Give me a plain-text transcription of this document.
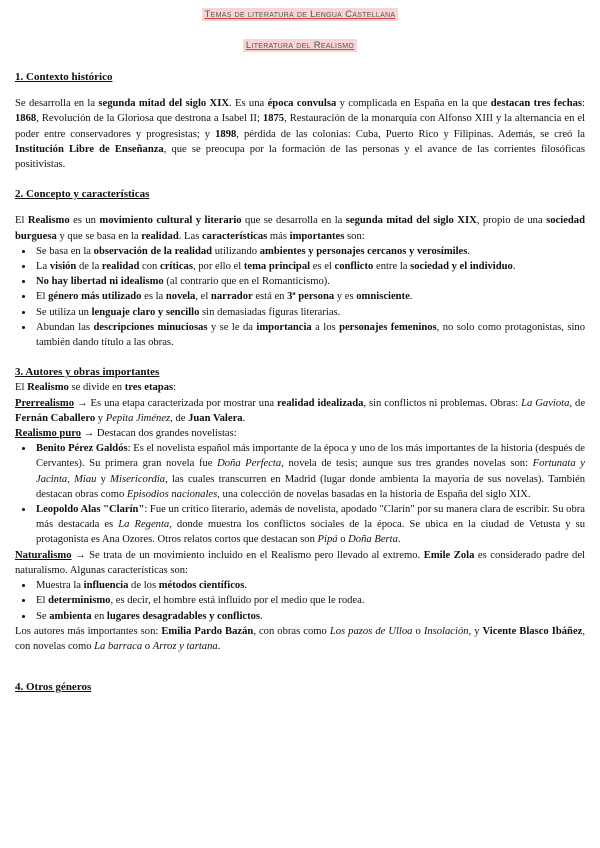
Temas de literatura de Lengua Castellana
Literatura del Realismo
1. Contexto histórico

Se desarrolla en la segunda mitad del siglo XIX. Es una época convulsa y complicada en España en la que destacan tres fechas: 1868, Revolución de la Gloriosa que destrona a Isabel II; 1875, Restauración de la monarquía con Alfonso XIII y la alternancia en el poder entre conservadores y progresistas; y 1898, pérdida de las colonias: Cuba, Puerto Rico y Filipinas. Además, se creó la Institución Libre de Enseñanza, que se preocupa por la formación de las personas y el avance de las corrientes filosóficas positivistas.

2. Concepto y características

El Realismo es un movimiento cultural y literario que se desarrolla en la segunda mitad del siglo XIX, propio de una sociedad burguesa y que se basa en la realidad. Las características más importantes son:

• Se basa en la observación de la realidad utilizando ambientes y personajes cercanos y verosímiles.
• La visión de la realidad con críticas, por ello el tema principal es el conflicto entre la sociedad y el individuo.
• No hay libertad ni idealismo (al contrario que en el Romanticismo).
• El género más utilizado es la novela, el narrador está en 3ª persona y es omnisciente.
• Se utiliza un lenguaje claro y sencillo sin demasiadas figuras literarias.
• Abundan las descripciones minuciosas y se le da importancia a los personajes femeninos, no solo como protagonistas, sino también dando título a las obras.
3. Autores y obras importantes

El Realismo se divide en tres etapas:

Prerrealismo → Es una etapa caracterizada por mostrar una realidad idealizada, sin conflictos ni problemas. Obras: La Gaviota, de Fernán Caballero y Pepita Jiménez, de Juan Valera.

Realismo puro → Destacan dos grandes novelistas:

• Benito Pérez Galdós: Es el novelista español más importante de la época y uno de los más importantes de la historia (después de Cervantes). Su primera gran novela fue Doña Perfecta, novela de tesis; aunque sus tres grandes novelas son: Fortunata y Jacinta, Miau y Misericordia, las cuales transcurren en Madrid (lugar donde ambienta la mayoría de sus novelas). También destacan obras como Episodios nacionales, una colección de novelas basadas en la historia de España del siglo XIX.
• Leopoldo Alas "Clarín": Fue un crítico literario, además de novelista, apodado "Clarín" por su manera clara de escribir. Su obra más destacada es La Regenta, donde muestra los conflictos sociales de la época. Se ubica en la ciudad de Vetusta y su protagonista es Ana Ozores. Otros relatos cortos que destacan son Pipá o Doña Berta.

Naturalismo → Se trata de un movimiento incluido en el Realismo pero llevado al extremo. Emile Zola es considerado padre del naturalismo. Algunas características son:

• Muestra la influencia de los métodos científicos.
• El determinismo, es decir, el hombre está influido por el medio que le rodea.
• Se ambienta en lugares desagradables y conflictos.

Los autores más importantes son: Emilia Pardo Bazán, con obras como Los pazos de Ulloa o Insolación, y Vicente Blasco Ibáñez, con novelas como La barraca o Arroz y tartana.

4. Otros géneros
